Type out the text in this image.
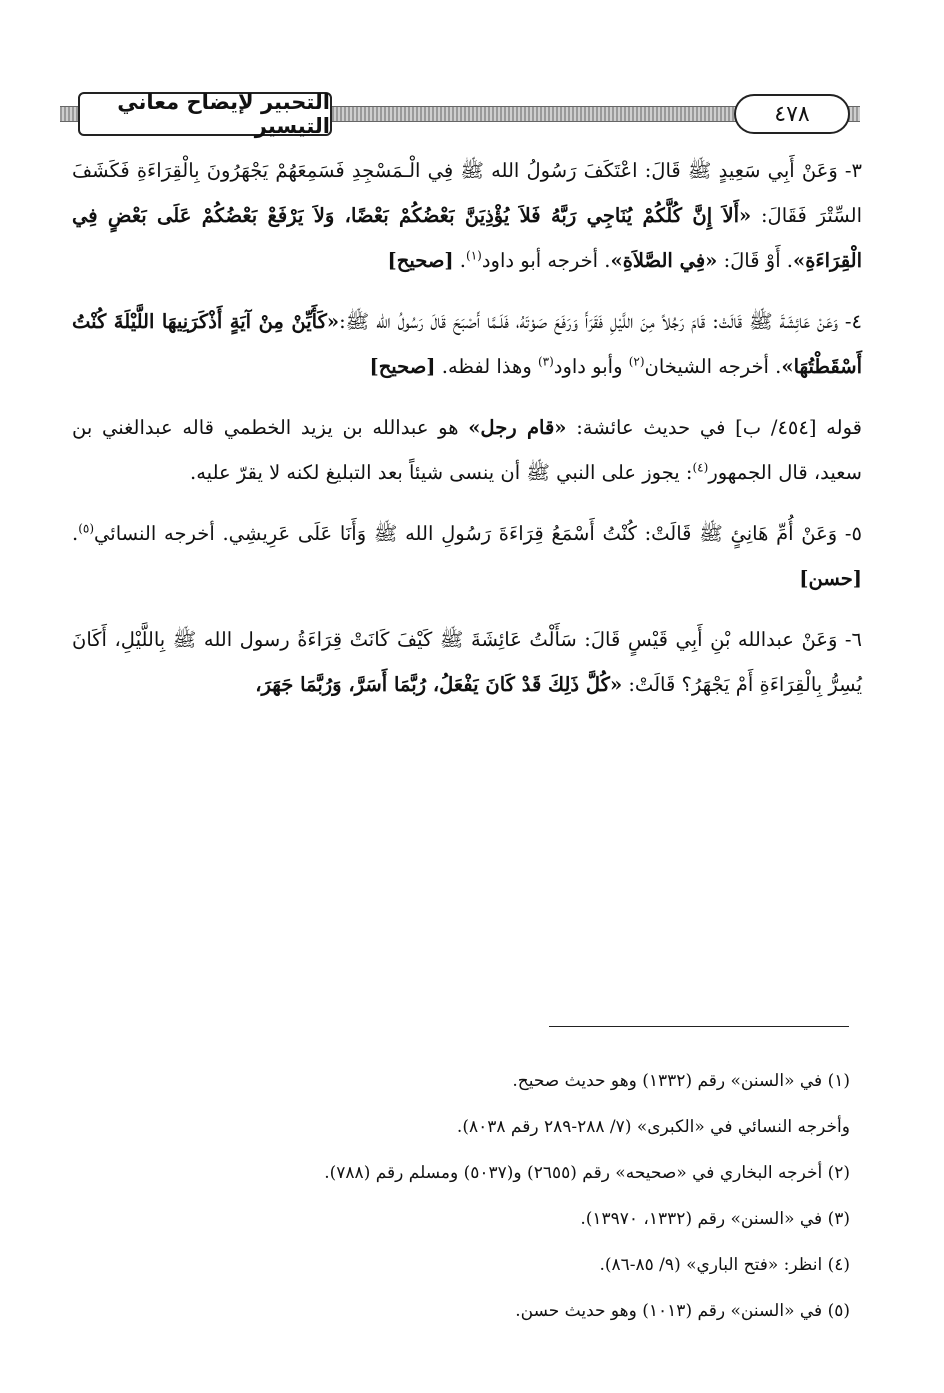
٤٧٨
التحبير لإيضاح معاني التيسير

٣- وَعَنْ أَبِي سَعِيدٍ ﷺ قَالَ: اعْتَكَفَ رَسُولُ الله ﷺ فِي الْـمَسْجِدِ فَسَمِعَهُمْ يَجْهَرُونَ بِالْقِرَاءَةِ فَكَشَفَ السِّتْرَ فَقَالَ: «أَلاَ إِنَّ كُلَّكُمْ يُنَاجِي رَبَّهُ فَلاَ يُؤْذِيَنَّ بَعْضُكُمْ بَعْضًا، وَلاَ يَرْفَعْ بَعْضُكُمْ عَلَى بَعْضٍ فِي الْقِرَاءَةِ». أَوْ قَالَ: «فِي الصَّلاَةِ». أخرجه أبو داود$^{(١)}$. [صحيح]

٤- وَعَنْ عَائِشَةَ ﷺ قَالَتْ: قَامَ رَجُلاً مِنَ اللَّيْلِ فَقَرَأَ وَرَفَعَ صَوْتَهُ، فَلَـمَّا أَصْبَحَ قَالَ رَسُولُ الله ﷺ:«كَأَيِّنْ مِنْ آيَةٍ أَذْكَرَنِيهَا اللَّيْلَةَ كُنْتُ أَسْقَطْتُهَا». أخرجه الشيخان$^{(٢)}$ وأبو داود$^{(٣)}$ وهذا لفظه. [صحيح]

قوله [٤٥٤/ ب] في حديث عائشة: «قام رجل» هو عبدالله بن يزيد الخطمي قاله عبدالغني بن سعيد، قال الجمهور$^{(٤)}$: يجوز على النبي ﷺ أن ينسى شيئاً بعد التبليغ لكنه لا يقرّ عليه.

٥- وَعَنْ أُمِّ هَانِئٍ ﷺ قَالَتْ: كُنْتُ أَسْمَعُ قِرَاءَةَ رَسُولِ الله ﷺ وَأَنَا عَلَى عَرِيشِي. أخرجه النسائي$^{(٥)}$. [حسن]

٦- وَعَنْ عبدالله بْنِ أَبِي قَيْسٍ قَالَ: سَأَلْتُ عَائِشَةَ ﷺ كَيْفَ كَانَتْ قِرَاءَةُ رسول الله ﷺ بِاللَّيْلِ، أَكَانَ يُسِرُّ بِالْقِرَاءَةِ أَمْ يَجْهَرُ؟ قَالَتْ: «كُلَّ ذَلِكَ قَدْ كَانَ يَفْعَلُ، رُبَّمَا أَسَرَّ، وَرُبَّمَا جَهَرَ،

(١) في «السنن» رقم (١٣٣٢) وهو حديث صحيح.

وأخرجه النسائي في «الكبرى» (٧/ ٢٨٨-٢٨٩ رقم ٨٠٣٨).

(٢) أخرجه البخاري في «صحيحه» رقم (٢٦٥٥) و(٥٠٣٧) ومسلم رقم (٧٨٨).

(٣) في «السنن» رقم (١٣٣٢، ١٣٩٧٠).

(٤) انظر: «فتح الباري» (٩/ ٨٥-٨٦).

(٥) في «السنن» رقم (١٠١٣) وهو حديث حسن.
